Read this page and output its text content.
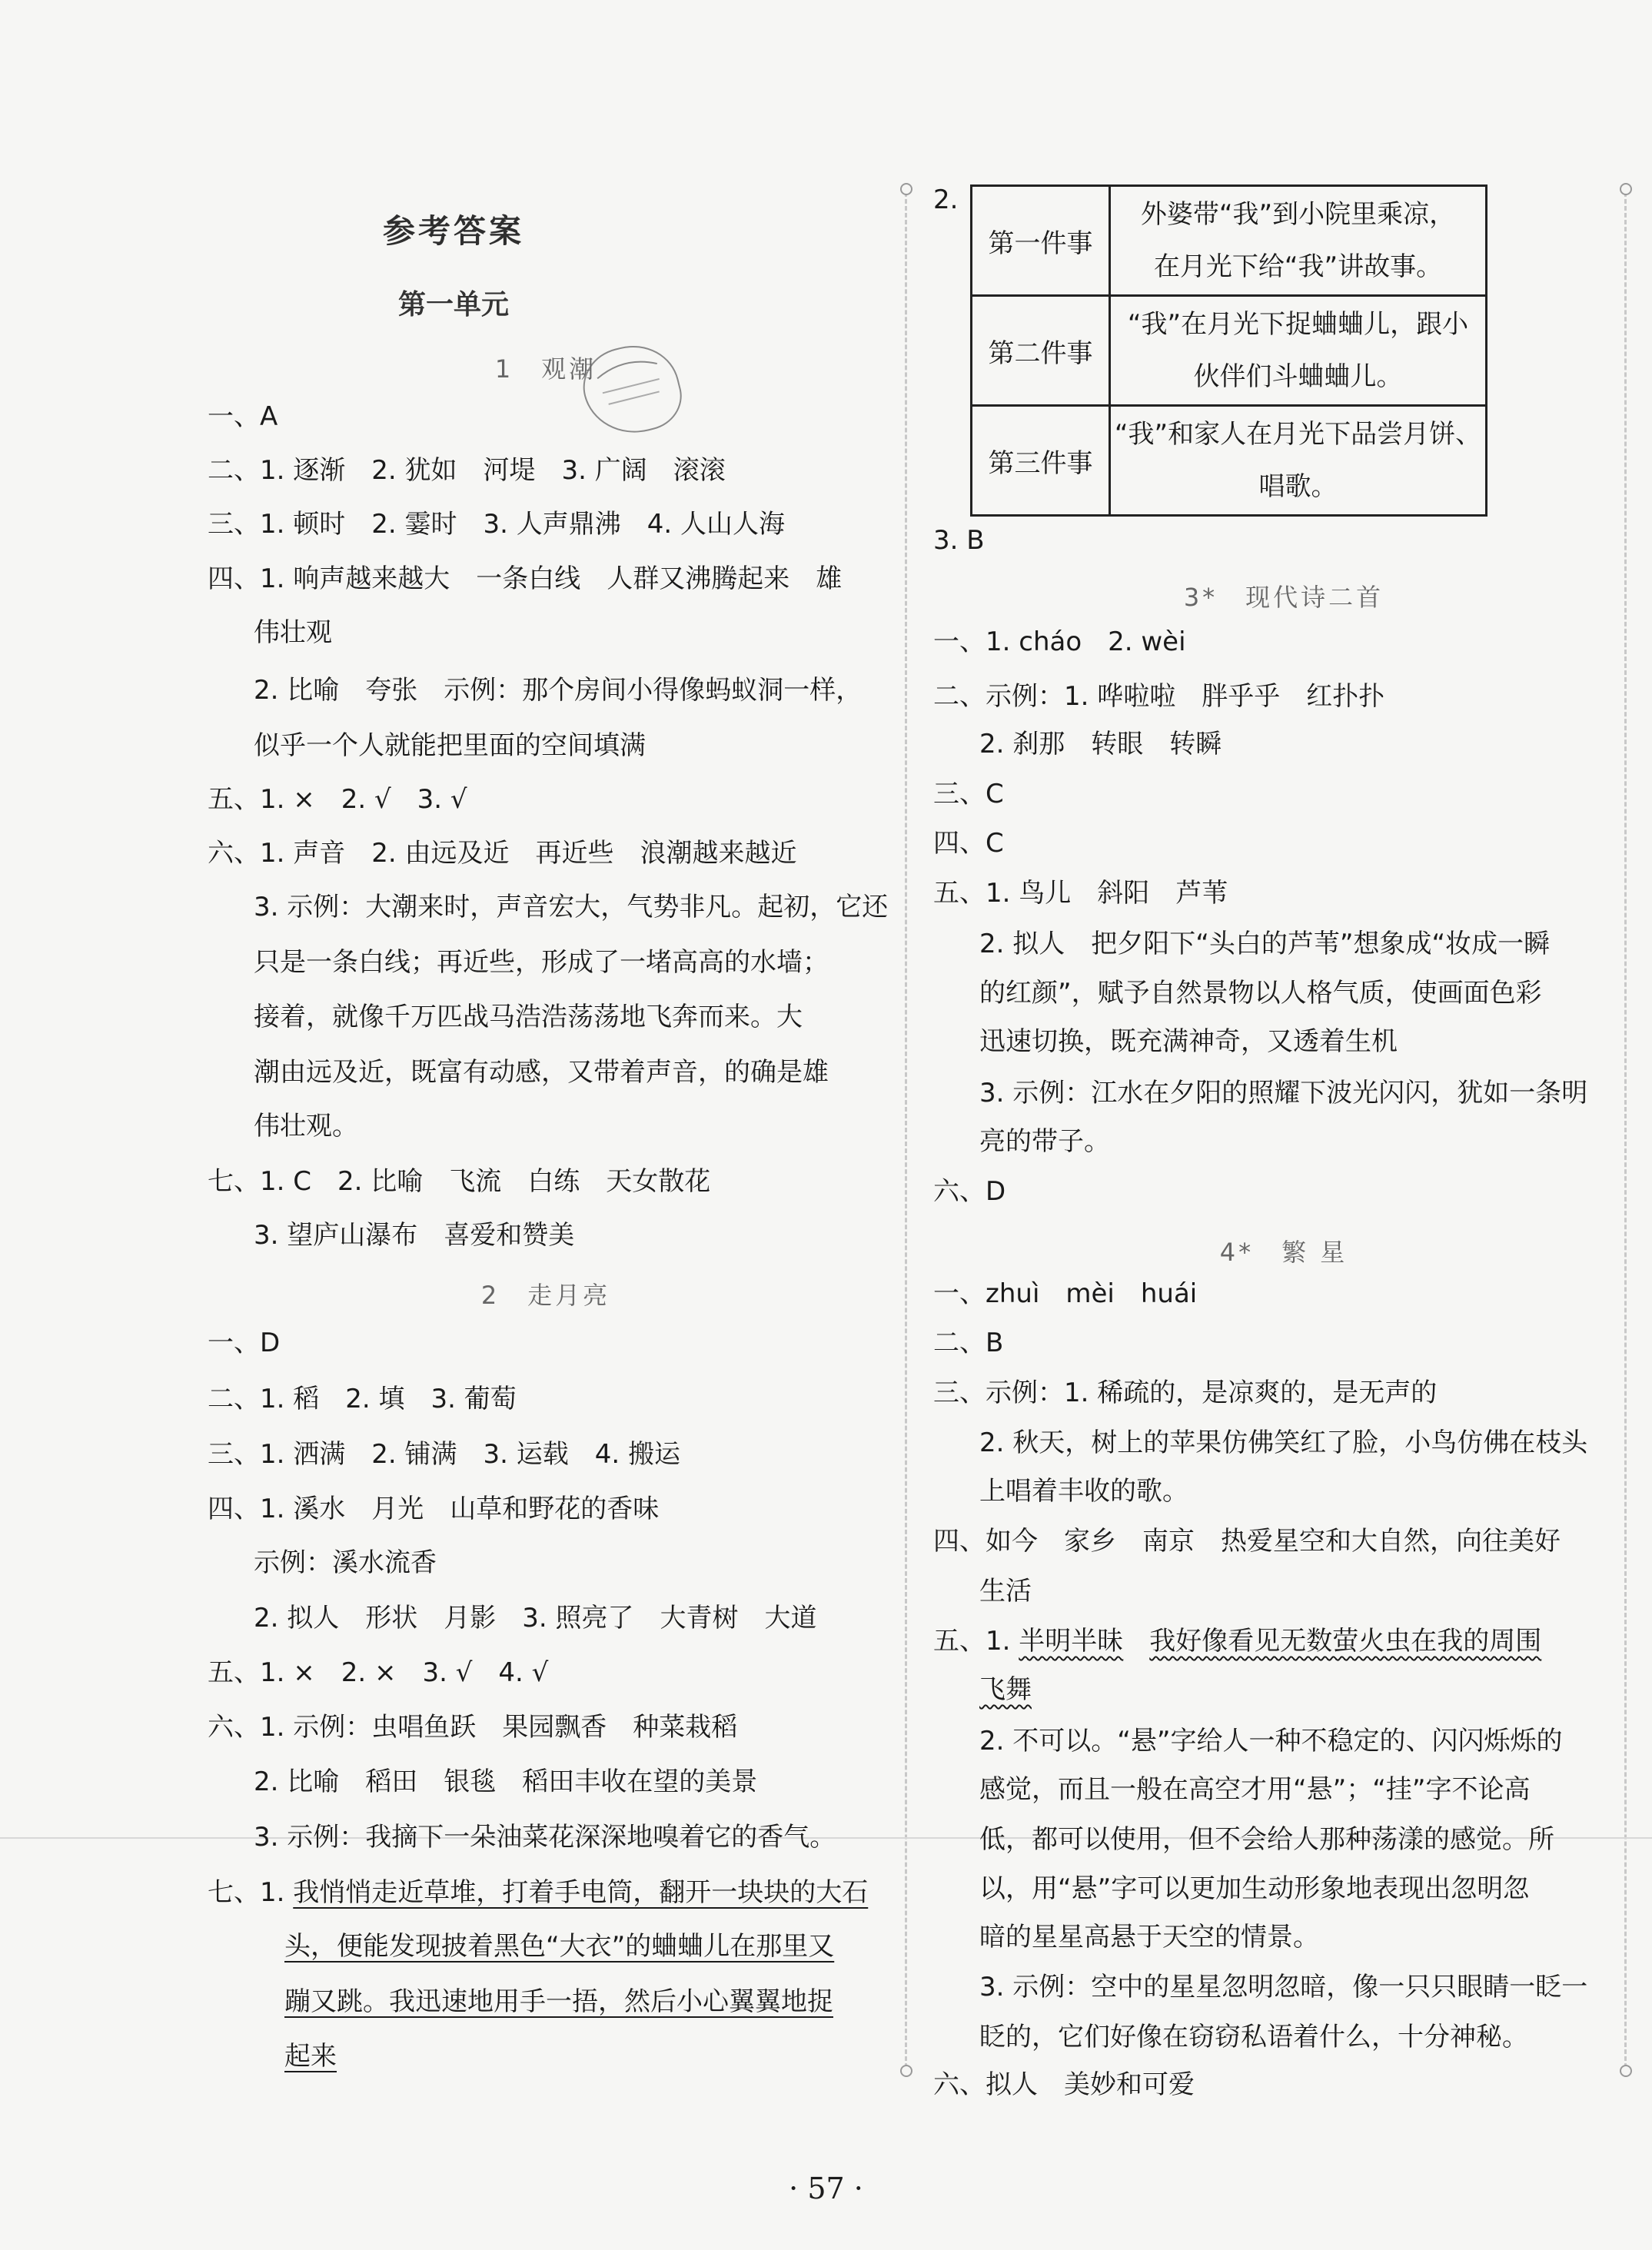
参考答案
第一单元
1　观潮
一、A
二、1. 逐渐　2. 犹如　河堤　3. 广阔　滚滚
三、1. 顿时　2. 霎时　3. 人声鼎沸　4. 人山人海
四、1. 响声越来越大　一条白线　人群又沸腾起来　雄
伟壮观
2. 比喻　夸张　示例：那个房间小得像蚂蚁洞一样，
似乎一个人就能把里面的空间填满
五、1. ×　2. √　3. √
六、1. 声音　2. 由远及近　再近些　浪潮越来越近
3. 示例：大潮来时，声音宏大，气势非凡。起初，它还
只是一条白线；再近些，形成了一堵高高的水墙；
接着，就像千万匹战马浩浩荡荡地飞奔而来。大
潮由远及近，既富有动感，又带着声音，的确是雄
伟壮观。
七、1. C　2. 比喻　飞流　白练　天女散花
3. 望庐山瀑布　喜爱和赞美
2　走月亮
一、D
二、1. 稻　2. 填　3. 葡萄
三、1. 洒满　2. 铺满　3. 运载　4. 搬运
四、1. 溪水　月光　山草和野花的香味
示例：溪水流香
2. 拟人　形状　月影　3. 照亮了　大青树　大道
五、1. ×　2. ×　3. √　4. √
六、1. 示例：虫唱鱼跃　果园飘香　种菜栽稻
2. 比喻　稻田　银毯　稻田丰收在望的美景
3. 示例：我摘下一朵油菜花深深地嗅着它的香气。
七、1. 我悄悄走近草堆，打着手电筒，翻开一块块的大石
头，便能发现披着黑色“大衣”的蛐蛐儿在那里又
蹦又跳。我迅速地用手一捂，然后小心翼翼地捉
起来
2.
第一件事	外婆带“我”到小院里乘凉，
在月光下给“我”讲故事。
第二件事	“我”在月光下捉蛐蛐儿，跟小
伙伴们斗蛐蛐儿。
第三件事	“我”和家人在月光下品尝月饼、
唱歌。
3. B
3*　现代诗二首
一、1. cháo　2. wèi
二、示例：1. 哗啦啦　胖乎乎　红扑扑
2. 刹那　转眼　转瞬
三、C
四、C
五、1. 鸟儿　斜阳　芦苇
2. 拟人　把夕阳下“头白的芦苇”想象成“妆成一瞬
的红颜”，赋予自然景物以人格气质，使画面色彩
迅速切换，既充满神奇，又透着生机
3. 示例：江水在夕阳的照耀下波光闪闪，犹如一条明
亮的带子。
六、D
4*　繁 星
一、zhuì　mèi　huái
二、B
三、示例：1. 稀疏的，是凉爽的，是无声的
2. 秋天，树上的苹果仿佛笑红了脸，小鸟仿佛在枝头
上唱着丰收的歌。
四、如今　家乡　南京　热爱星空和大自然，向往美好
生活
五、1. 半明半昧　 我好像看见无数萤火虫在我的周围
飞舞
2. 不可以。“悬”字给人一种不稳定的、闪闪烁烁的
感觉，而且一般在高空才用“悬”；“挂”字不论高
低，都可以使用，但不会给人那种荡漾的感觉。所
以，用“悬”字可以更加生动形象地表现出忽明忽
暗的星星高悬于天空的情景。
3. 示例：空中的星星忽明忽暗，像一只只眼睛一眨一
眨的，它们好像在窃窃私语着什么，十分神秘。
六、拟人　美妙和可爱
· 57 ·
